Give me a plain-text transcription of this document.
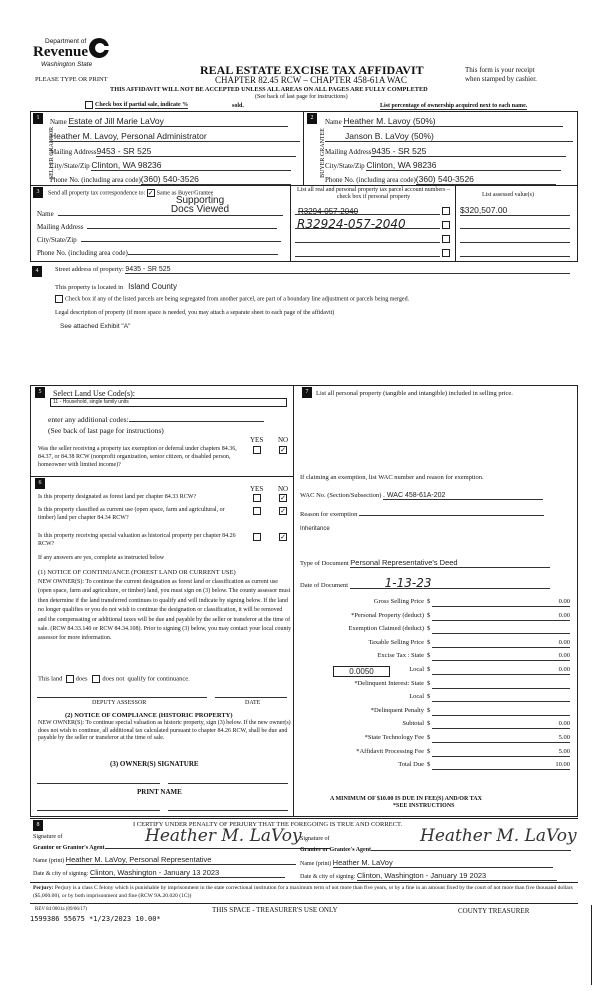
Department of
Revenue
Washington State	REAL ESTATE EXCISE TAX AFFIDAVIT
PLEASE TYPE OR PRINT	CHAPTER 82.45 RCW – CHAPTER 458-61A WAC
This form is your receipt
when stamped by cashier.
THIS AFFIDAVIT WILL NOT BE ACCEPTED UNLESS ALL AREAS ON ALL PAGES ARE FULLY COMPLETED
(See back of last page for instructions)
Check box if partial sale, indicate %	sold.	List percentage of ownership acquired next to each name.
1
SELLER GRANTOR
Name Estate of Jill Marie LaVoy
Heather M. Lavoy, Personal Administrator
Mailing Address9453 - SR 525
City/State/Zip Clinton, WA 98236
Phone No. (including area code)(360) 540-3526
2
BUYER GRANTEE
Name Heather M. Lavoy (50%)
Janson B. LaVoy (50%)
Mailing Address9435 - SR 525
City/State/Zip Clinton, WA 98236
Phone No. (including area code)(360) 540-3526
3	Send all property tax correspondence to: ✓ Same as Buyer/Grantee
Supporting Docs Viewed
Name
Mailing Address
City/State/Zip
Phone No. (including area code)
List all real and personal property tax parcel account numbers – check box if personal property
R3294-057-2040
R32924-057-2040
List assessed value(s)
$320,507.00
4	Street address of property: 9435 - SR 525
This property is located in Island County
Check box if any of the listed parcels are being segregated from another parcel, are part of a boundary line adjustment or parcels being merged.
Legal description of property (if more space is needed, you may attach a separate sheet to each page of the affidavit)
See attached Exhibit "A"
5	Select Land Use Code(s):
11 - Household, single family units
enter any additional codes:
(See back of last page for instructions)
YES NO
Was the seller receiving a property tax exemption or deferral under chapters 84.36, 84.37, or 84.38 RCW (nonprofit organization, senior citizen, or disabled person, homeowner with limited income)?
✓
6
YES NO
Is this property designated as forest land per chapter 84.33 RCW?	✓
Is this property classified as current use (open space, farm and agricultural, or timber) land per chapter 84.34 RCW?
✓
Is this property receiving special valuation as historical property per chapter 84.26 RCW?
✓
If any answers are yes, complete as instructed below
(1) NOTICE OF CONTINUANCE (FOREST LAND OR CURRENT USE)
NEW OWNER(S): To continue the current designation as forest land or classification as current use (open space, farm and agriculture, or timber) land, you must sign on (3) below. The county assessor must then determine if the land transferred continues to qualify and will indicate by signing below. If the land no longer qualifies or you do not wish to continue the designation or classification, it will be removed and the compensating or additional taxes will be due and payable by the seller or transferor at the time of sale. (RCW 84.33.140 or RCW 84.34.108). Prior to signing (3) below, you may contact your local county assessor for more information.
This land does does not qualify for continuance.
DEPUTY ASSESSOR	DATE
(2) NOTICE OF COMPLIANCE (HISTORIC PROPERTY)
NEW OWNER(S): To continue special valuation as historic property, sign (3) below. If the new owner(s) does not wish to continue, all additional tax calculated pursuant to chapter 84.26 RCW, shall be due and payable by the seller or transferor at the time of sale.
(3) OWNER(S) SIGNATURE
PRINT NAME
7	List all personal property (tangible and intangible) included in selling price.
If claiming an exemption, list WAC number and reason for exemption.
WAC No. (Section/Subsection) . WAC 458-61A-202
Reason for exemption
Inheritance
Type of Document Personal Representative's Deed
Date of Document	1-13-23
Gross Selling Price $	0.00
*Personal Property (deduct) $	0.00
Exemption Claimed (deduct) $
Taxable Selling Price $	0.00
Excise Tax : State $	0.00
Local $	0.00
*Delinquent Interest: State $
Local $
*Delinquent Penalty $
Subtotal $	0.00
*State Technology Fee $	5.00
*Affidavit Processing Fee $	5.00
Total Due $	10.00
0.0050
A MINIMUM OF $10.00 IS DUE IN FEE(S) AND/OR TAX
*SEE INSTRUCTIONS
8	I CERTIFY UNDER PENALTY OF PERJURY THAT THE FOREGOING IS TRUE AND CORRECT.
Signature of
Grantor or Grantor's Agent
Heather M. LaVoy
Name (print) Heather M. LaVoy, Personal Representative
Date & city of signing: Clinton, Washington - January 13 2023
Signature of
Grantee or Grantee's Agent
Heather M. LaVoy
Name (print) Heather M. LaVoy
Date & city of signing: Clinton, Washington - January 19 2023
Perjury: Perjury is a class C felony which is punishable by imprisonment in the state correctional institution for a maximum term of not more than five years, or by a fine in an amount fixed by the court of not more than five thousand dollars ($5,000.00), or by both imprisonment and fine (RCW 9A.20.020 (1C))
REV 84 0001a (09/06/17)	THIS SPACE - TREASURER'S USE ONLY	COUNTY TREASURER
1599386 55675 *1/23/2023 10.00*
